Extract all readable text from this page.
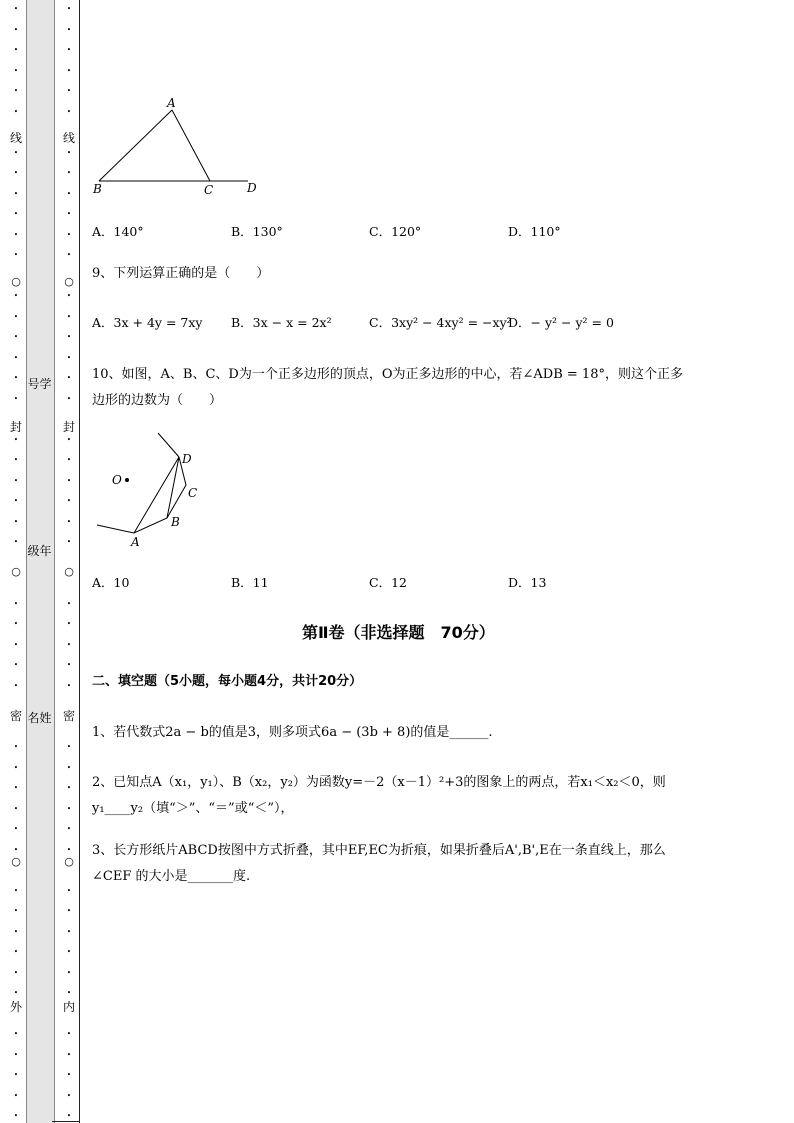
•
•
•
•
•
•
•
•
•
•
•
•
•
•
•
•
•
•
•
•
•
•
•
•
•
•
•
•
•
•
•
•
•
•
•
•
•
•
•
•
•
•
•
•
•
•
线
封
密
外
○
○
○
•
•
•
•
•
•
•
•
•
•
•
•
•
•
•
•
•
•
•
•
•
•
•
•
•
•
•
•
•
•
•
•
•
•
•
•
•
•
•
•
•
•
•
•
•
•
线
封
密
内
○
○
○
号学
级年
名姓
A
B	C	D
A．140°	B．130°	C．120°	D．110°
9、下列运算正确的是（　　）
A．3x + 4y = 7xy B．3x − x = 2x²	C．3xy² − 4xy² = −xy²
D．− y² − y² = 0
10、如图，A、B、C、D为一个正多边形的顶点，O为正多边形的中心，若∠ADB = 18°，则这个正多
边形的边数为（　　）
O
D
C
B
A
A．10	B．11	C．12	D．13
第Ⅱ卷（非选择题　70分）
二、填空题（5小题，每小题4分，共计20分）
1、若代数式2a − b的值是3，则多项式6a − (3b + 8)的值是______.
2、已知点A（x₁，y₁）、B（x₂，y₂）为函数y=－2（x－1）²+3的图象上的两点，若x₁＜x₂＜0，则
y₁____y₂（填“＞”、“＝”或“＜”），
3、长方形纸片ABCD按图中方式折叠，其中EF,EC为折痕，如果折叠后A',B',E在一条直线上，那么
∠CEF 的大小是_______度.
